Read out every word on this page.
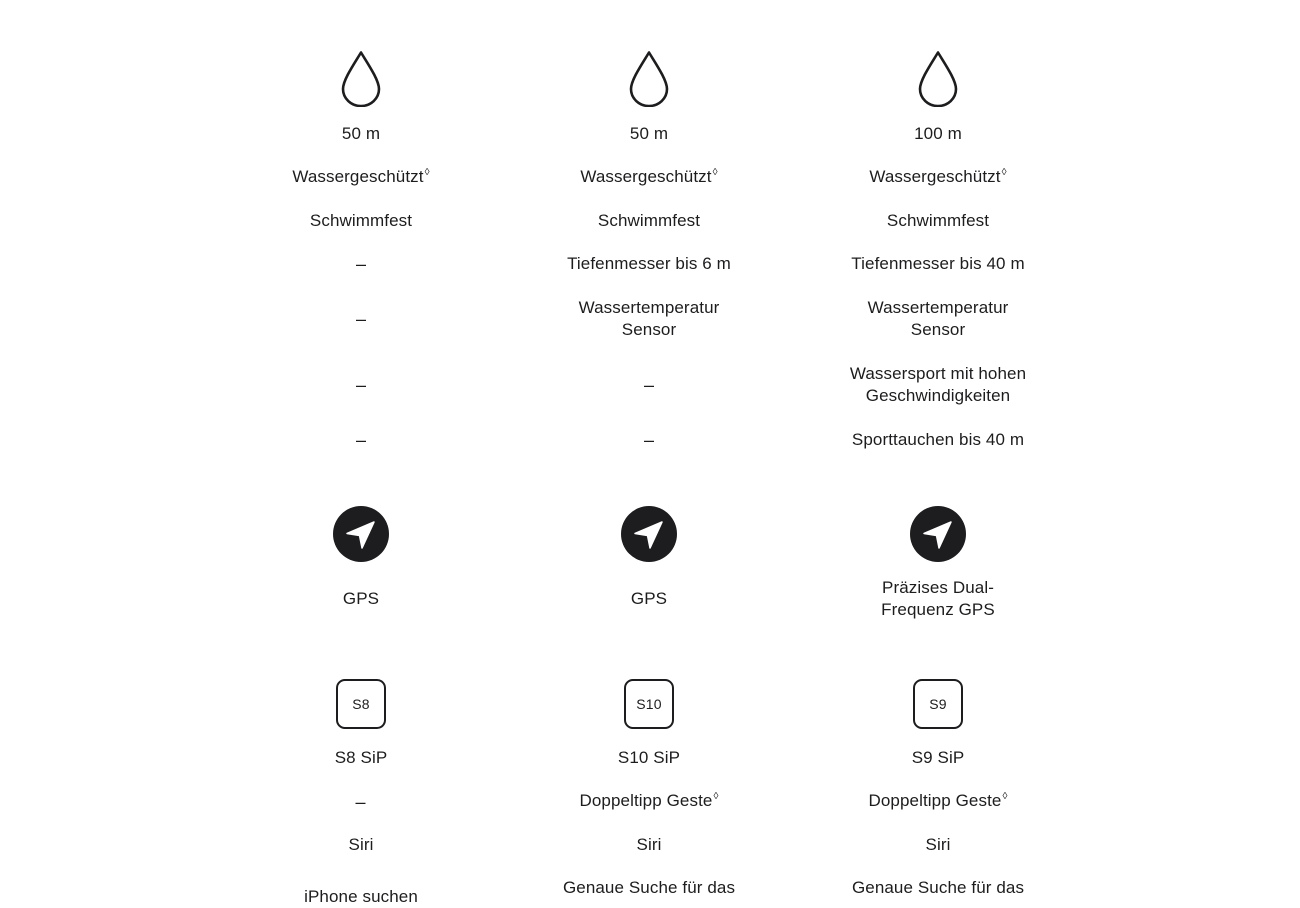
50 m
Wassergeschützt◊
Schwimmfest
–
–
–
–
GPS
S8
S8 SiP
–
Siri
iPhone suchen
50 m
Wassergeschützt◊
Schwimmfest
Tiefenmesser bis 6 m
Wassertemperatur Sensor
–
–
GPS
S10
S10 SiP
Doppeltipp Geste◊
Siri
Genaue Suche für das
100 m
Wassergeschützt◊
Schwimmfest
Tiefenmesser bis 40 m
Wassertemperatur Sensor
Wassersport mit hohen Geschwindigkeiten
Sporttauchen bis 40 m
Präzises Dual-Frequenz GPS
S9
S9 SiP
Doppeltipp Geste◊
Siri
Genaue Suche für das
